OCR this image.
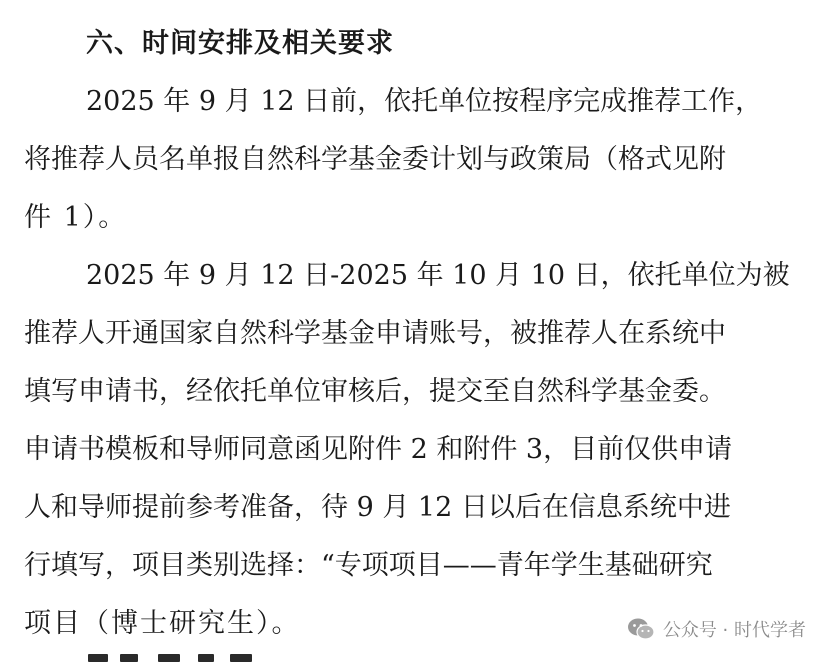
六、时间安排及相关要求
2025 年 9 月 12 日前，依托单位按程序完成推荐工作，
将推荐人员名单报自然科学基金委计划与政策局（格式见附
件 1）。
2025 年 9 月 12 日-2025 年 10 月 10 日，依托单位为被
推荐人开通国家自然科学基金申请账号，被推荐人在系统中
填写申请书，经依托单位审核后，提交至自然科学基金委。
申请书模板和导师同意函见附件 2 和附件 3，目前仅供申请
人和导师提前参考准备，待 9 月 12 日以后在信息系统中进
行填写，项目类别选择：“专项项目——青年学生基础研究
项目（博士研究生）。	公众号 · 时代学者
